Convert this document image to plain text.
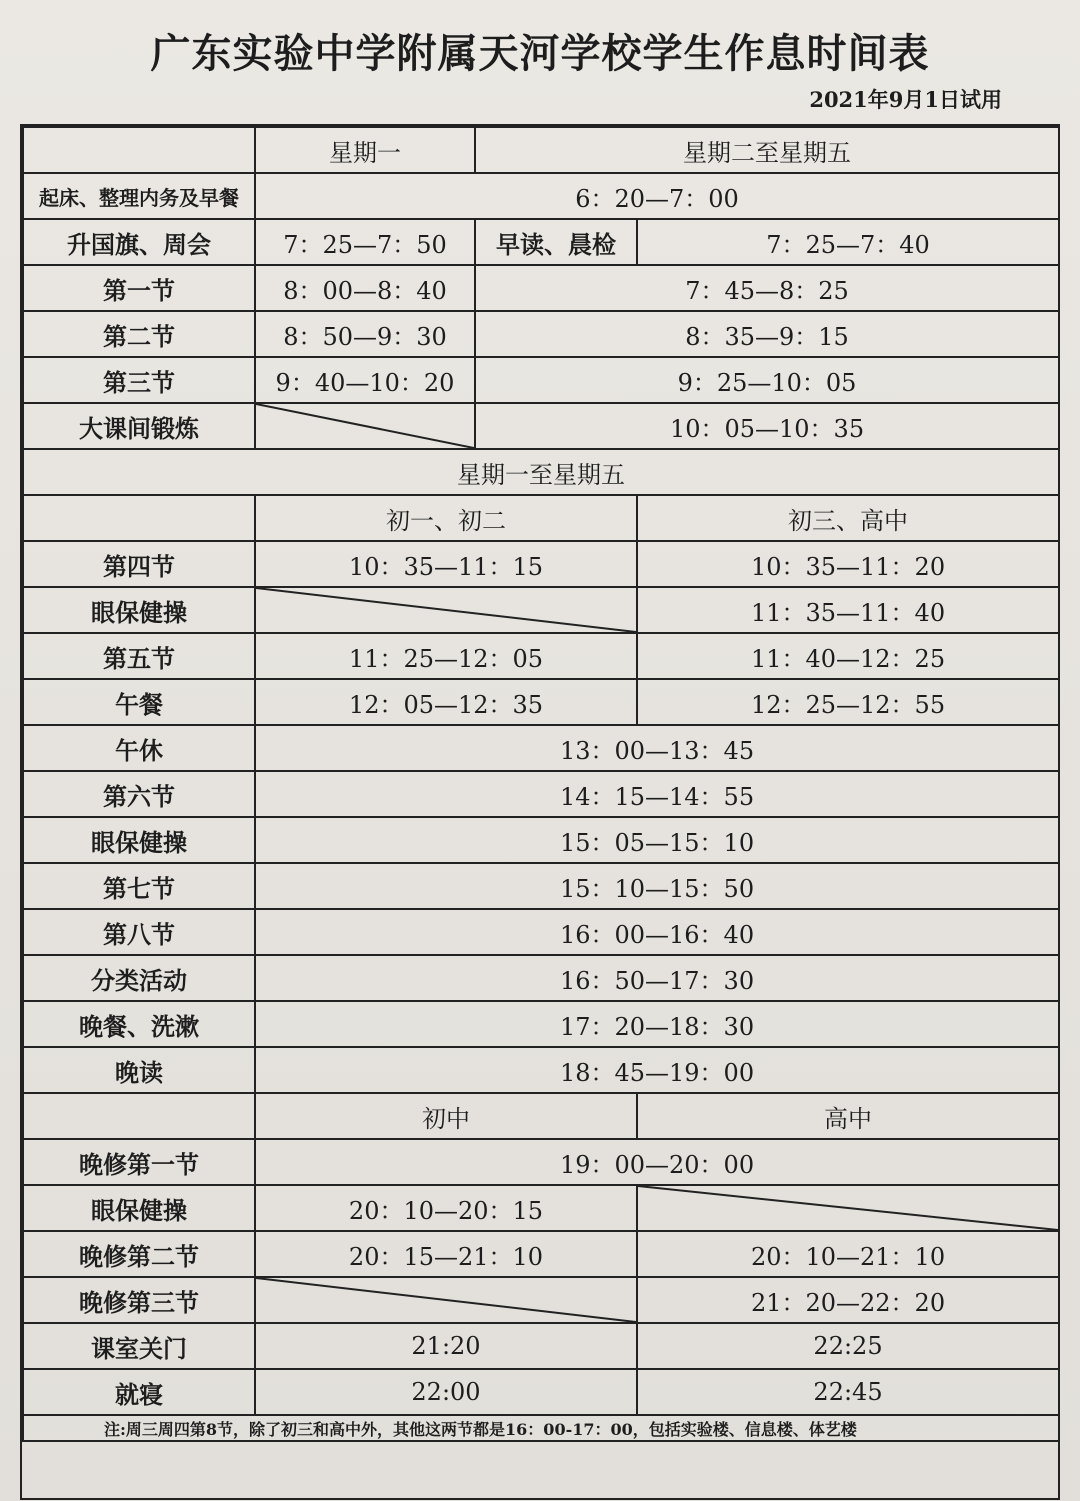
广东实验中学附属天河学校学生作息时间表
2021年9月1日试用
	星期一	星期二至星期五	
起床、整理内务及早餐	6：20—7：00		
升国旗、周会	7：25—7：50	早读、晨检	7：25—7：40
第一节	8：00—8：40	7：45—8：25	
第二节	8：50—9：30	8：35—9：15	
第三节	9：40—10：20	9：25—10：05	
大课间锻炼		10：05—10：35	
星期一至星期五			
	初一、初二		初三、高中
第四节	10：35—11：15		10：35—11：20
眼保健操			11：35—11：40
第五节	11：25—12：05		11：40—12：25
午餐	12：05—12：35		12：25—12：55
午休	13：00—13：45		
第六节	14：15—14：55		
眼保健操	15：05—15：10		
第七节	15：10—15：50		
第八节	16：00—16：40		
分类活动	16：50—17：30		
晚餐、洗漱	17：20—18：30		
晚读	18：45—19：00		
	初中		高中
晚修第一节	19：00—20：00		
眼保健操	20：10—20：15	

晚修第二节	20：15—21：10		20：10—21：10
晚修第三节			21：20—22：20
课室关门	21:20		22:25
就寝	22:00		22:45
注:周三周四第8节，除了初三和高中外，其他这两节都是16：00-17：00，包括实验楼、信息楼、体艺楼			
